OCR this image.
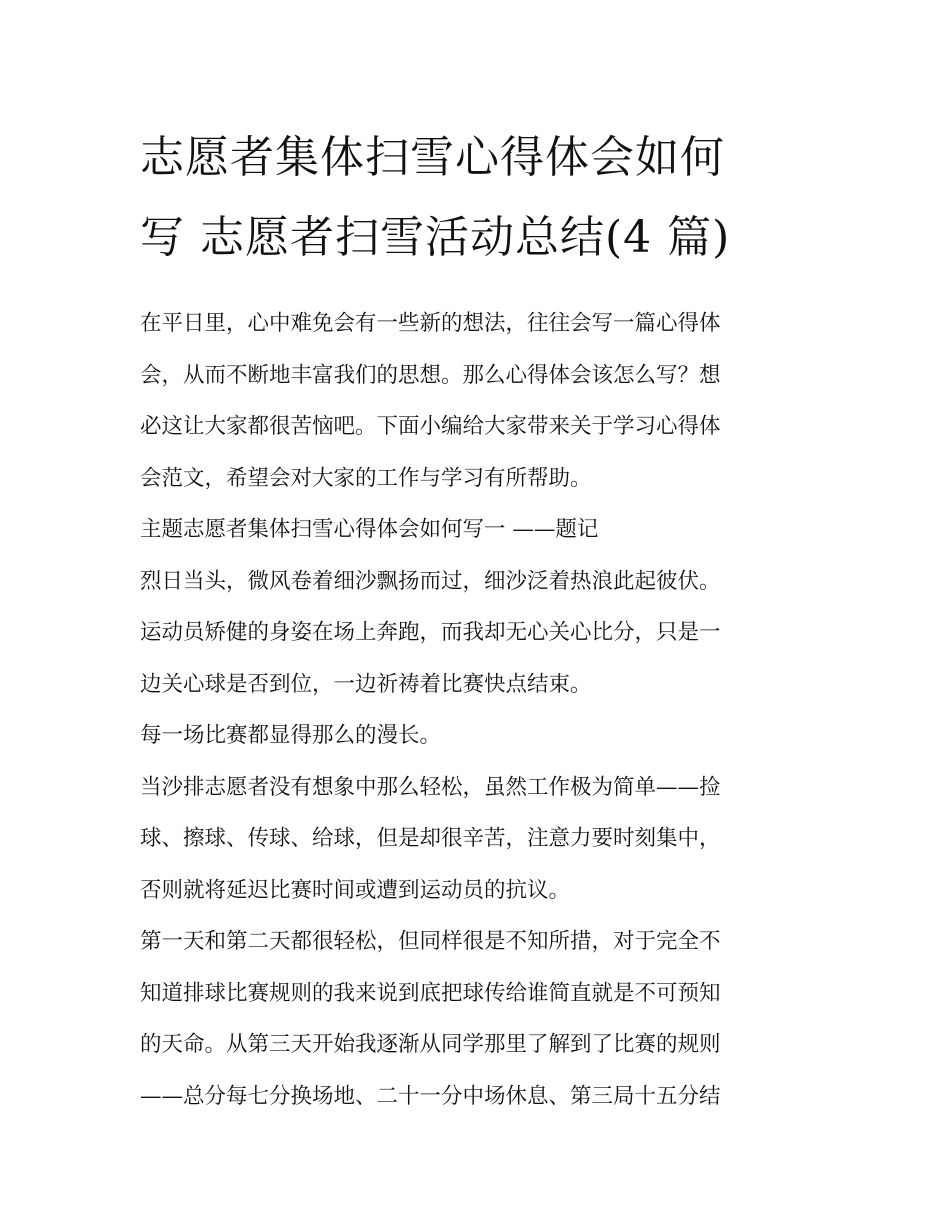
志愿者集体扫雪心得体会如何
写 志愿者扫雪活动总结(4 篇)
在平日里，心中难免会有一些新的想法，往往会写一篇心得体
会，从而不断地丰富我们的思想。那么心得体会该怎么写？想
必这让大家都很苦恼吧。下面小编给大家带来关于学习心得体
会范文，希望会对大家的工作与学习有所帮助。
主题志愿者集体扫雪心得体会如何写一 ——题记
烈日当头，微风卷着细沙飘扬而过，细沙泛着热浪此起彼伏。
运动员矫健的身姿在场上奔跑，而我却无心关心比分，只是一
边关心球是否到位，一边祈祷着比赛快点结束。
每一场比赛都显得那么的漫长。
当沙排志愿者没有想象中那么轻松，虽然工作极为简单——捡
球、擦球、传球、给球，但是却很辛苦，注意力要时刻集中，
否则就将延迟比赛时间或遭到运动员的抗议。
第一天和第二天都很轻松，但同样很是不知所措，对于完全不
知道排球比赛规则的我来说到底把球传给谁简直就是不可预知
的天命。从第三天开始我逐渐从同学那里了解到了比赛的规则
——总分每七分换场地、二十一分中场休息、第三局十五分结
